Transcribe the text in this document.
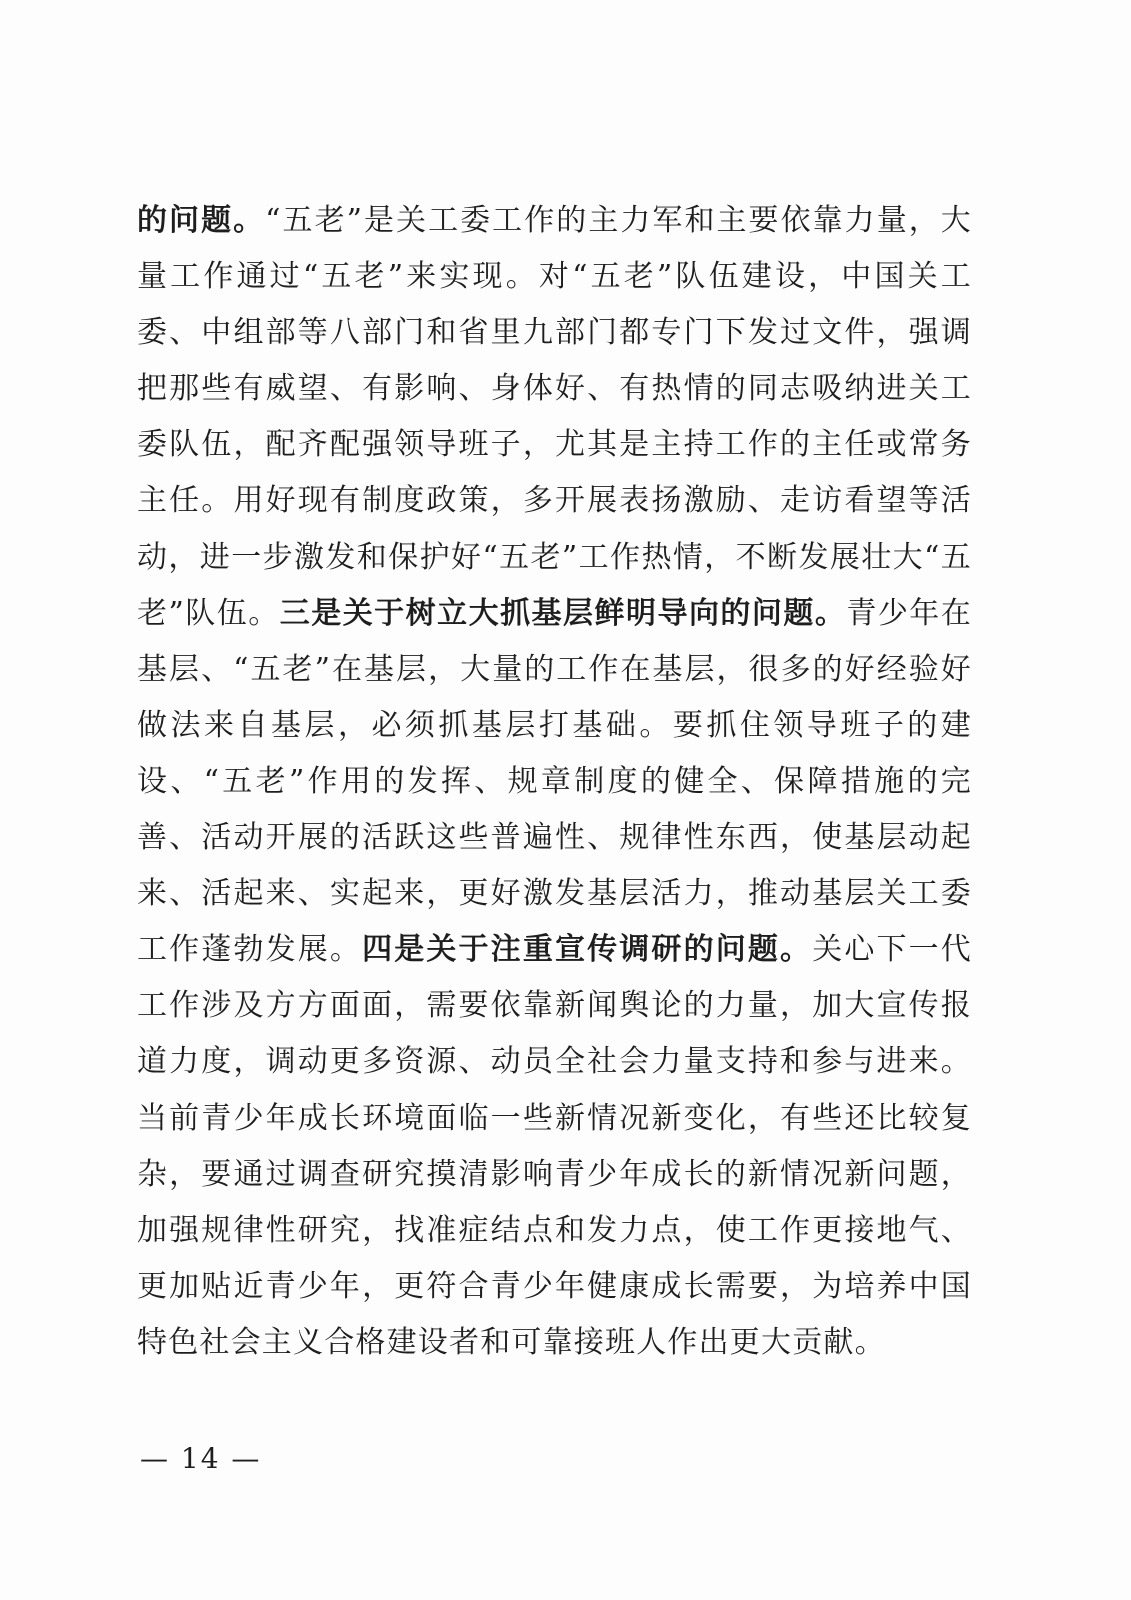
的问题。“五老”是关工委工作的主力军和主要依靠力量，大量工作通过“五老”来实现。对“五老”队伍建设，中国关工委、中组部等八部门和省里九部门都专门下发过文件，强调把那些有威望、有影响、身体好、有热情的同志吸纳进关工委队伍，配齐配强领导班子，尤其是主持工作的主任或常务主任。用好现有制度政策，多开展表扬激励、走访看望等活动，进一步激发和保护好“五老”工作热情，不断发展壮大“五老”队伍。三是关于树立大抓基层鲜明导向的问题。青少年在基层、“五老”在基层，大量的工作在基层，很多的好经验好做法来自基层，必须抓基层打基础。要抓住领导班子的建设、“五老”作用的发挥、规章制度的健全、保障措施的完善、活动开展的活跃这些普遍性、规律性东西，使基层动起来、活起来、实起来，更好激发基层活力，推动基层关工委工作蓬勃发展。四是关于注重宣传调研的问题。关心下一代工作涉及方方面面，需要依靠新闻舆论的力量，加大宣传报道力度，调动更多资源、动员全社会力量支持和参与进来。当前青少年成长环境面临一些新情况新变化，有些还比较复杂，要通过调查研究摸清影响青少年成长的新情况新问题，加强规律性研究，找准症结点和发力点，使工作更接地气、更加贴近青少年，更符合青少年健康成长需要，为培养中国特色社会主义合格建设者和可靠接班人作出更大贡献。

— 14 —
